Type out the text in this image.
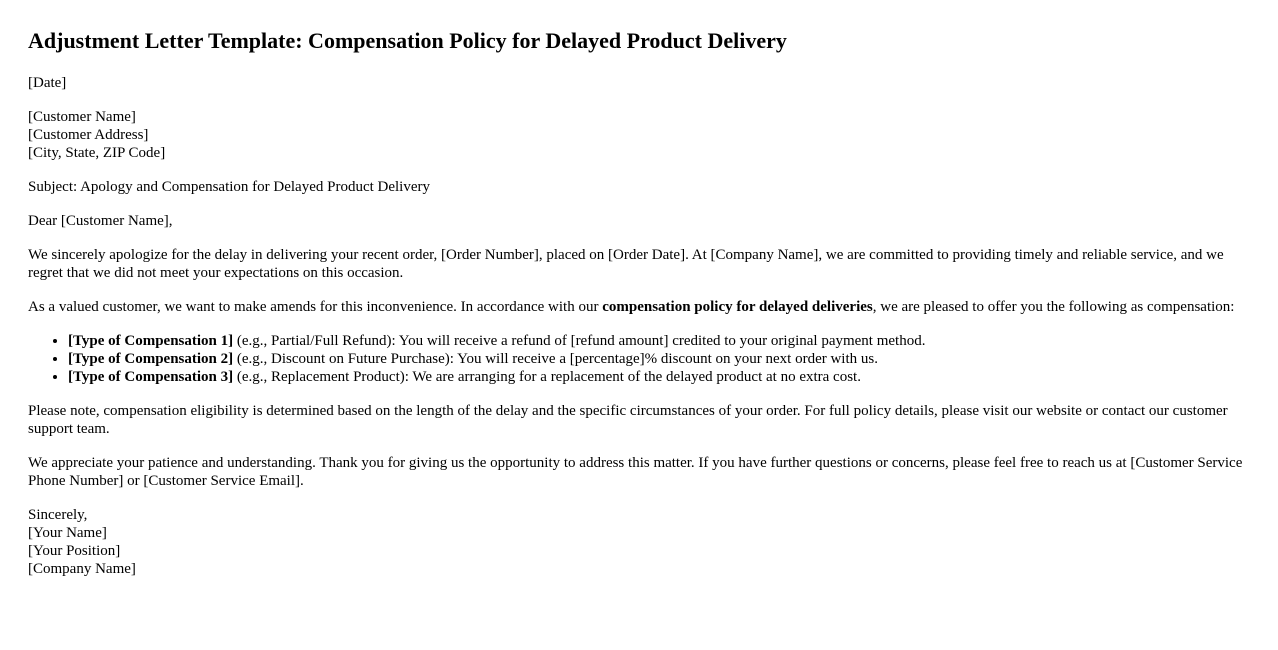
Adjustment Letter Template: Compensation Policy for Delayed Product Delivery

[Date]

[Customer Name]
[Customer Address]
[City, State, ZIP Code]

Subject: Apology and Compensation for Delayed Product Delivery

Dear [Customer Name],

We sincerely apologize for the delay in delivering your recent order, [Order Number], placed on [Order Date]. At [Company Name], we are committed to providing timely and reliable service, and we regret that we did not meet your expectations on this occasion.

As a valued customer, we want to make amends for this inconvenience. In accordance with our compensation policy for delayed deliveries, we are pleased to offer you the following as compensation:

• [Type of Compensation 1] (e.g., Partial/Full Refund): You will receive a refund of [refund amount] credited to your original payment method.
• [Type of Compensation 2] (e.g., Discount on Future Purchase): You will receive a [percentage]% discount on your next order with us.
• [Type of Compensation 3] (e.g., Replacement Product): We are arranging for a replacement of the delayed product at no extra cost.

Please note, compensation eligibility is determined based on the length of the delay and the specific circumstances of your order. For full policy details, please visit our website or contact our customer support team.

We appreciate your patience and understanding. Thank you for giving us the opportunity to address this matter. If you have further questions or concerns, please feel free to reach us at [Customer Service Phone Number] or [Customer Service Email].

Sincerely,
[Your Name]
[Your Position]
[Company Name]
